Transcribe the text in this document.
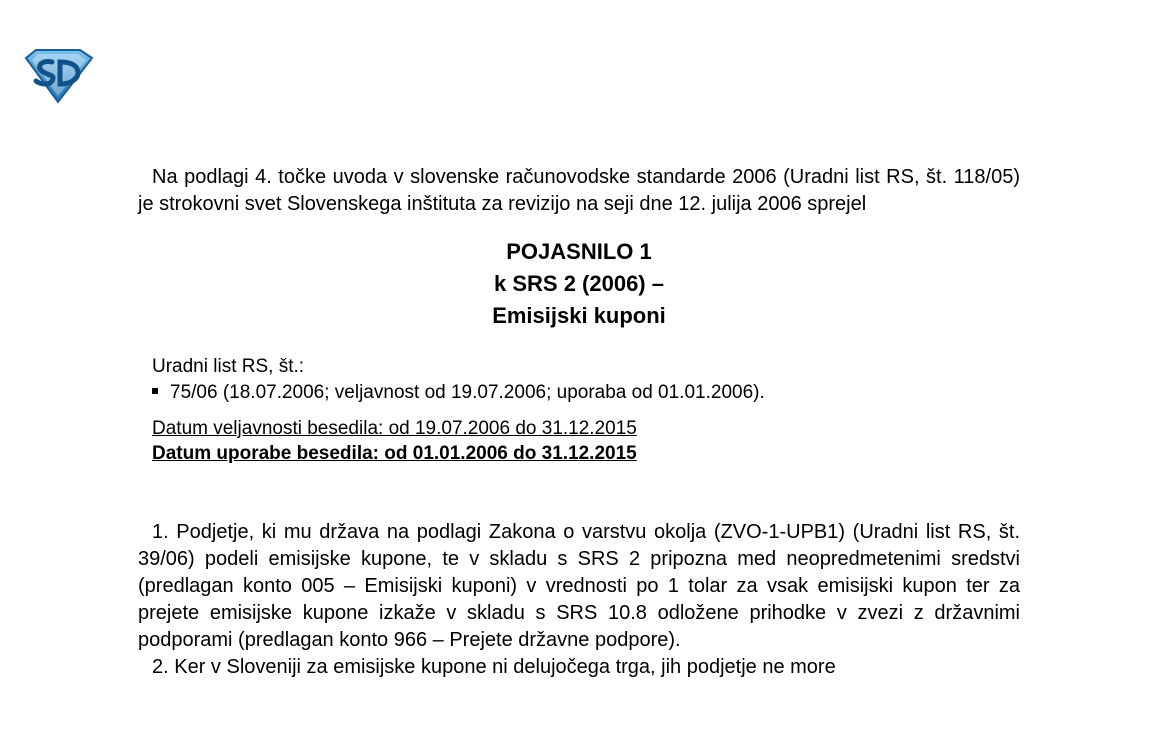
Na podlagi 4. točke uvoda v slovenske računovodske standarde 2006 (Uradni list RS, št. 118/05) je strokovni svet Slovenskega inštituta za revizijo na seji dne 12. julija 2006 sprejel

POJASNILO 1
k SRS 2 (2006) –
Emisijski kuponi
Uradni list RS, št.:
75/06 (18.07.2006; veljavnost od 19.07.2006; uporaba od 01.01.2006).
Datum veljavnosti besedila: od 19.07.2006 do 31.12.2015
Datum uporabe besedila: od 01.01.2006 do 31.12.2015

1. Podjetje, ki mu država na podlagi Zakona o varstvu okolja (ZVO-1-UPB1) (Uradni list RS, št. 39/06) podeli emisijske kupone, te v skladu s SRS 2 pripozna med neopredmetenimi sredstvi (predlagan konto 005 – Emisijski kuponi) v vrednosti po 1 tolar za vsak emisijski kupon ter za prejete emisijske kupone izkaže v skladu s SRS 10.8 odložene prihodke v zvezi z državnimi podporami (predlagan konto 966 – Prejete državne podpore).

2. Ker v Sloveniji za emisijske kupone ni delujočega trga, jih podjetje ne more
